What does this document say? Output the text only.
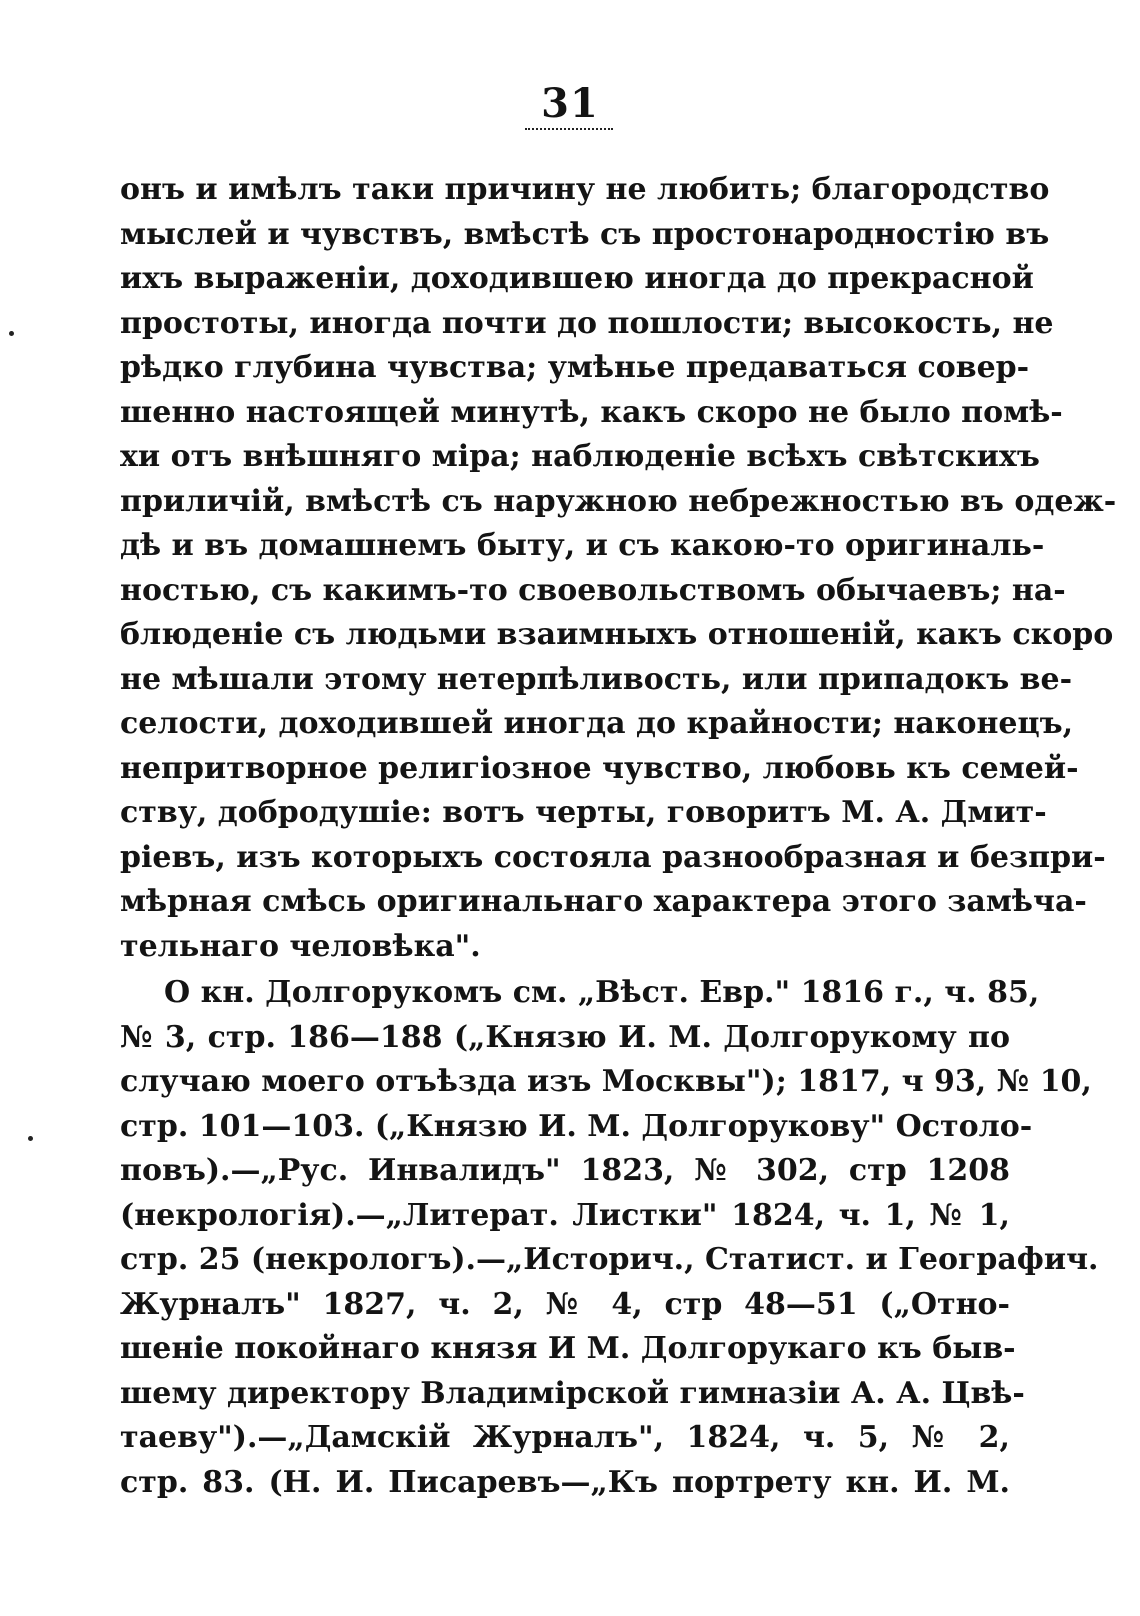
31
онъ и имѣлъ таки причину не любить; благородство
мыслей и чувствъ, вмѣстѣ съ простонародностію въ
ихъ выраженіи, доходившею иногда до прекрасной
простоты, иногда почти до пошлости; высокость, не
рѣдко глубина чувства; умѣнье предаваться совер-
шенно настоящей минутѣ, какъ скоро не было помѣ-
хи отъ внѣшняго міра; наблюденіе всѣхъ свѣтскихъ
приличій, вмѣстѣ съ наружною небрежностью въ одеж-
дѣ и въ домашнемъ быту, и съ какою-то оригиналь-
ностью, съ какимъ-то своевольствомъ обычаевъ; на-
блюденіе съ людьми взаимныхъ отношеній, какъ скоро
не мѣшали этому нетерпѣливость, или припадокъ ве-
селости, доходившей иногда до крайности; наконецъ,
непритворное религіозное чувство, любовь къ семей-
ству, добродушіе: вотъ черты, говоритъ М. А. Дмит-
ріевъ, изъ которыхъ состояла разнообразная и безпри-
мѣрная смѣсь оригинальнаго характера этого замѣча-
тельнаго человѣка".
О кн. Долгорукомъ см. „Вѣст. Евр." 1816 г., ч. 85,
№ 3, стр. 186—188 („Князю И. М. Долгорукому по
случаю моего отъѣзда изъ Москвы"); 1817, ч 93, № 10,
стр. 101—103. („Князю И. М. Долгорукову" Остоло-
повъ).—„Рус. Инвалидъ" 1823, № 302, стр 1208
(некрологія).—„Литерат. Листки" 1824, ч. 1, № 1,
стр. 25 (некрологъ).—„Историч., Статист. и Географич.
Журналъ" 1827, ч. 2, № 4, стр 48—51 („Отно-
шеніе покойнаго князя И М. Долгорукаго къ быв-
шему директору Владимірской гимназіи А. А. Цвѣ-
таеву").—„Дамскій Журналъ", 1824, ч. 5, № 2,
стр. 83. (Н. И. Писаревъ—„Къ портрету кн. И. М.
